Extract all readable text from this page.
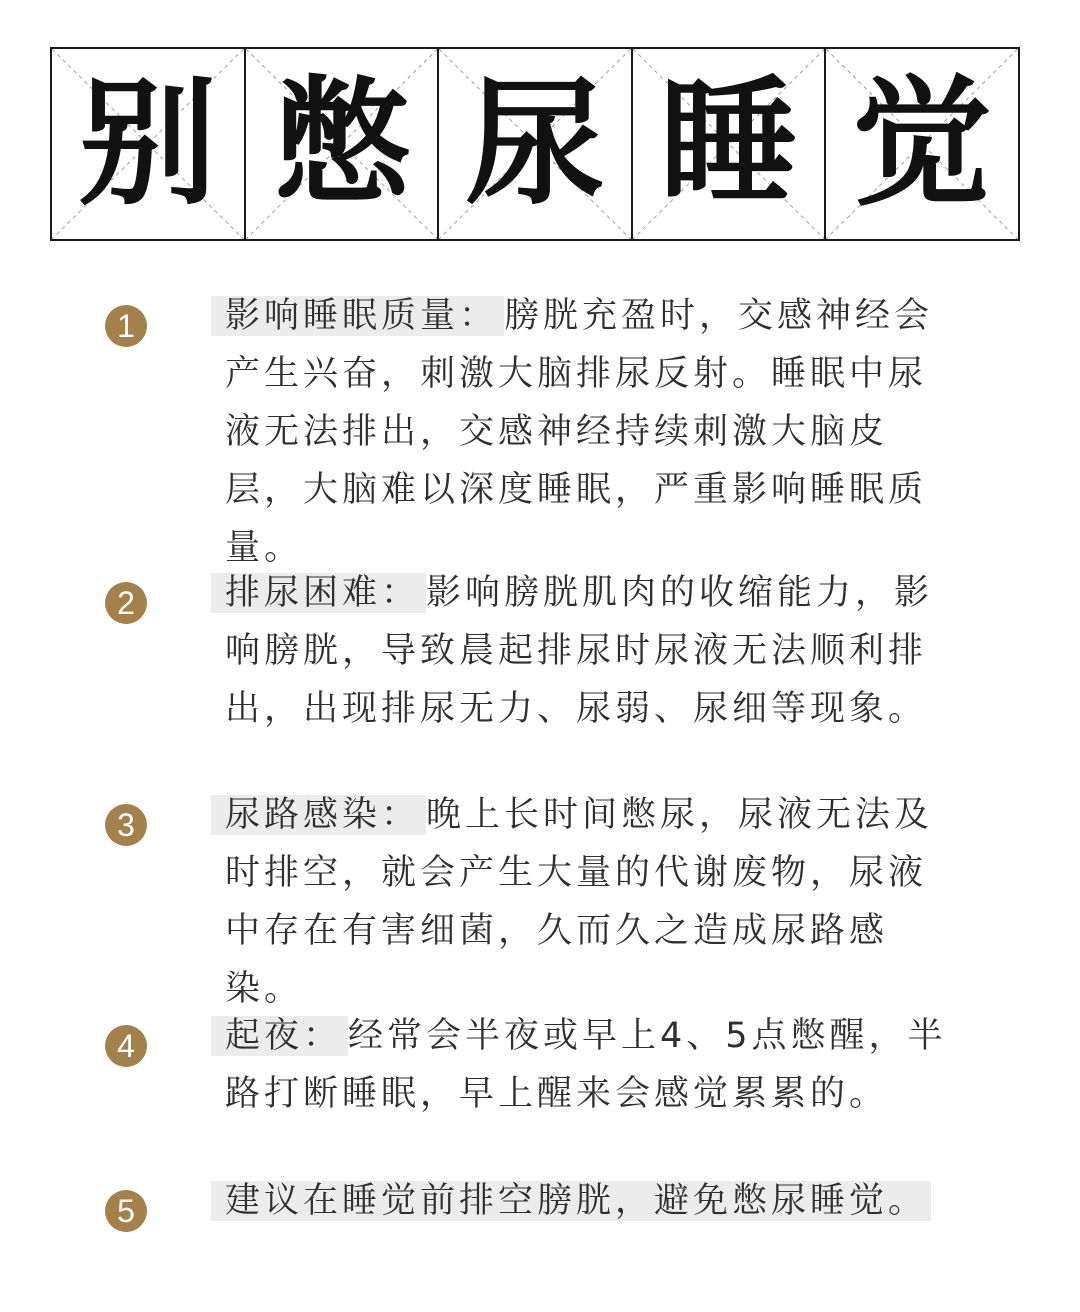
别 憋 尿 睡 觉
1	影响睡眠质量： 膀胱充盈时，交感神经会产生兴奋，刺激大脑排尿反射。睡眠中尿液无法排出，交感神经持续刺激大脑皮层，大脑难以深度睡眠，严重影响睡眠质量。

2	排尿困难： 影响膀胱肌肉的收缩能力，影响膀胱，导致晨起排尿时尿液无法顺利排出，出现排尿无力、尿弱、尿细等现象。

3	尿路感染： 晚上长时间憋尿，尿液无法及时排空，就会产生大量的代谢废物，尿液中存在有害细菌，久而久之造成尿路感染。

4	起夜： 经常会半夜或早上4、5点憋醒，半路打断睡眠，早上醒来会感觉累累的。

5	建议在睡觉前排空膀胱，避免憋尿睡觉。
